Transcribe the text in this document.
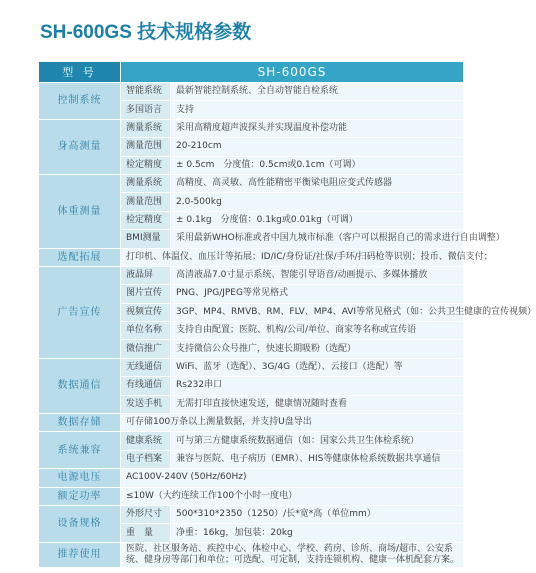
SH-600GS 技术规格参数
型 号	SH-600GS	
控制系统	智能系统	最新智能控制系统、全自动智能自检系统
	多国语言	支持
身高测量	测量系统	采用高精度超声波探头并实现温度补偿功能
	测量范围	20-210cm
	检定精度	± 0.5cm　分度值：0.5cm或0.1cm（可调）
体重测量	测量系统	高精度、高灵敏、高性能精密平衡梁电阻应变式传感器
	测量范围	2.0-500kg
	检定精度	± 0.1kg　分度值：0.1kg或0.01kg（可调）
	BMI测量	采用最新WHO标准或者中国九城市标准（客户可以根据自己的需求进行自由调整）
选配拓展	打印机、体温仪、血压计等拓展；ID/IC/身份证/社保/手环/扫码枪等识别；投币、微信支付；	
广告宣传	液晶屏	高清液晶7.0寸显示系统、智能引导语音/动画提示、多媒体播放
	图片宣传	PNG、JPG/JPEG等常见格式
	视频宣传	3GP、MP4、RMVB、RM、FLV、MP4、AVI等常见格式（如：公共卫生健康的宣传视频）
	单位名称	支持自由配置；医院、机构/公司/单位、商家等名称或宣传语
	微信推广	支持微信公众号推广，快速长期吸粉（选配）
数据通信	无线通信	WiFi、蓝牙（选配）、3G/4G（选配）、云接口（选配）等
	有线通信	Rs232串口
	发送手机	无需打印直接快速发送，健康情况随时查看
数据存储	可存储100万条以上测量数据，并支持U盘导出	
系统兼容	健康系统	可与第三方健康系统数据通信（如：国家公共卫生体检系统）
	电子档案	兼容与医院、电子病历（EMR）、HIS等健康体检系统数据共享通信
电源电压	AC100V-240V (50Hz/60Hz)	
额定功率	≤10W（大约连续工作100个小时一度电）	
设备规格	外形尺寸	500*310*2350（1250）/长*宽*高（单位mm）
	重　量	净重：16kg，加包装：20kg
推荐使用	医院、社区服务站、疾控中心、体检中心、学校、药房、诊所、商场/超市、公安系统、健身房等部门和单位；可选配、可定制，支持连锁机构、健康一体机配套方案。	
